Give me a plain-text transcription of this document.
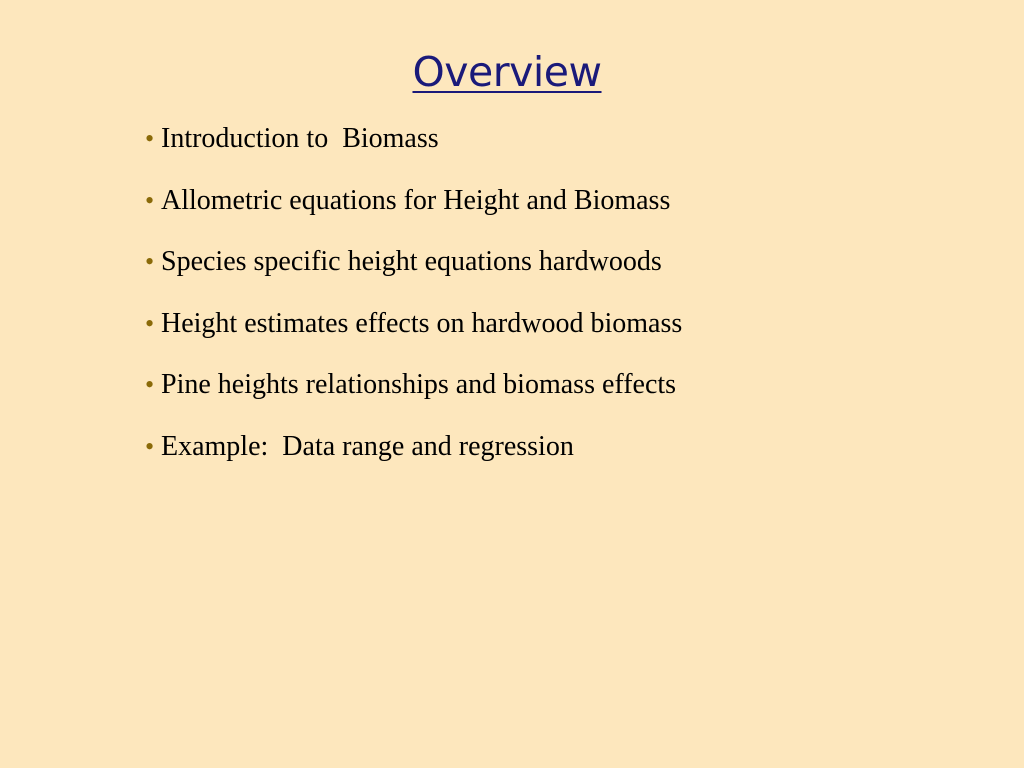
Overview
• Introduction to  Biomass
• Allometric equations for Height and Biomass
• Species specific height equations hardwoods
• Height estimates effects on hardwood biomass
• Pine heights relationships and biomass effects
• Example:  Data range and regression
